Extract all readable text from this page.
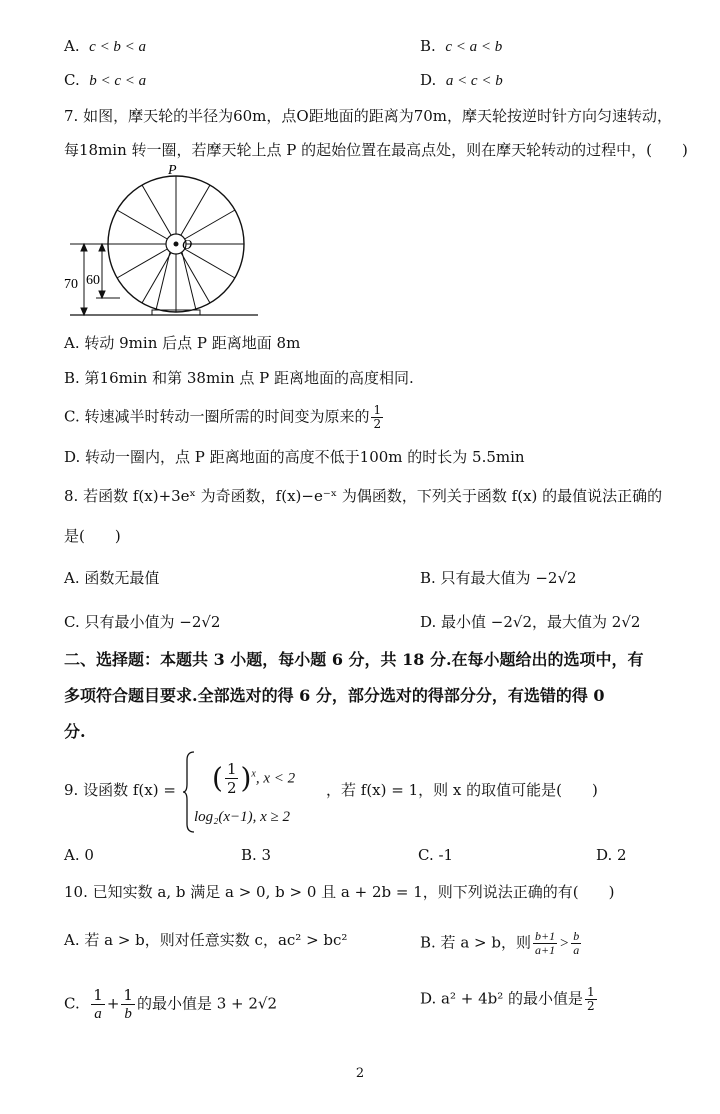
A. c < b < a	B. c < a < b
C. b < c < a	D. a < c < b
7. 如图，摩天轮的半径为60m，点O距地面的距离为70m，摩天轮按逆时针方向匀速转动，
每18min 转一圈，若摩天轮上点 P 的起始位置在最高点处，则在摩天轮转动的过程中，(　　)
P
O
70 60
A. 转动 9min 后点 P 距离地面 8m
B. 第16min 和第 38min 点 P 距离地面的高度相同.
C. 转速减半时转动一圈所需的时间变为原来的 $\frac{1}{2}$
D. 转动一圈内，点 P 距离地面的高度不低于100m 的时长为 5.5min
8. 若函数 f(x)+3eˣ 为奇函数，f(x)−e⁻ˣ 为偶函数，下列关于函数 f(x) 的最值说法正确的
是(　　)
A. 函数无最值	B. 只有最大值为 −2√2
C. 只有最小值为 −2√2	D. 最小值 −2√2，最大值为 2√2
二、选择题：本题共 3 小题，每小题 6 分，共 18 分.在每小题给出的选项中，有
多项符合题目要求.全部选对的得 6 分，部分选对的得部分分，有选错的得 0
分.
9. 设函数 f(x) = ( $\frac{1}{2} )^x$, x < 2
log₂(x−1), x ≥ 2
，若 f(x) = 1，则 x 的取值可能是(　　)
A. 0	B. 3	C. -1	D. 2
10. 已知实数 a, b 满足 a > 0, b > 0 且 a + 2b = 1，则下列说法正确的有(　　)
A. 若 a > b，则对任意实数 c，ac² > bc²	B. 若 a > b，则 $\frac{b+1}{a+1} > \frac{b}{a}$
C. $\frac{1}{a} + \frac{1}{b}$ 的最小值是 3 + 2√2	D. a² + 4b² 的最小值是 $\frac{1}{2}$
2
